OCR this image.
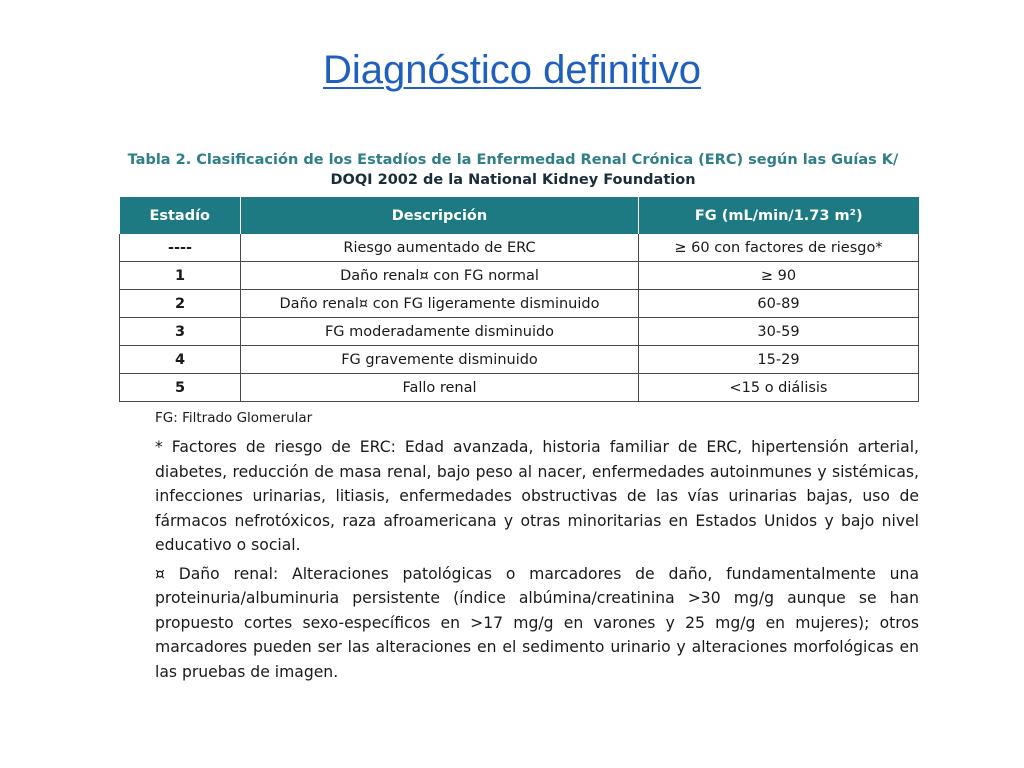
Diagnóstico definitivo
Tabla 2. Clasificación de los Estadíos de la Enfermedad Renal Crónica (ERC) según las Guías K/
DOQI 2002 de la National Kidney Foundation
Estadío	Descripción	FG (mL/min/1.73 m²)
----	Riesgo aumentado de ERC	≥ 60 con factores de riesgo*
1	Daño renal¤ con FG normal	≥ 90
2	Daño renal¤ con FG ligeramente disminuido	60-89
3	FG moderadamente disminuido	30-59
4	FG gravemente disminuido	15-29
5	Fallo renal	<15 o diálisis
FG: Filtrado Glomerular

* Factores de riesgo de ERC: Edad avanzada, historia familiar de ERC, hipertensión arterial, diabetes, reducción de masa renal, bajo peso al nacer, enfermedades autoinmunes y sistémicas, infecciones urinarias, litiasis, enfermedades obstructivas de las vías urinarias bajas, uso de fármacos nefrotóxicos, raza afroamericana y otras minoritarias en Estados Unidos y bajo nivel educativo o social.

¤ Daño renal: Alteraciones patológicas o marcadores de daño, fundamentalmente una proteinuria/albuminuria persistente (índice albúmina/creatinina >30 mg/g aunque se han propuesto cortes sexo-específicos en >17 mg/g en varones y 25 mg/g en mujeres); otros marcadores pueden ser las alteraciones en el sedimento urinario y alteraciones morfológicas en las pruebas de imagen.
